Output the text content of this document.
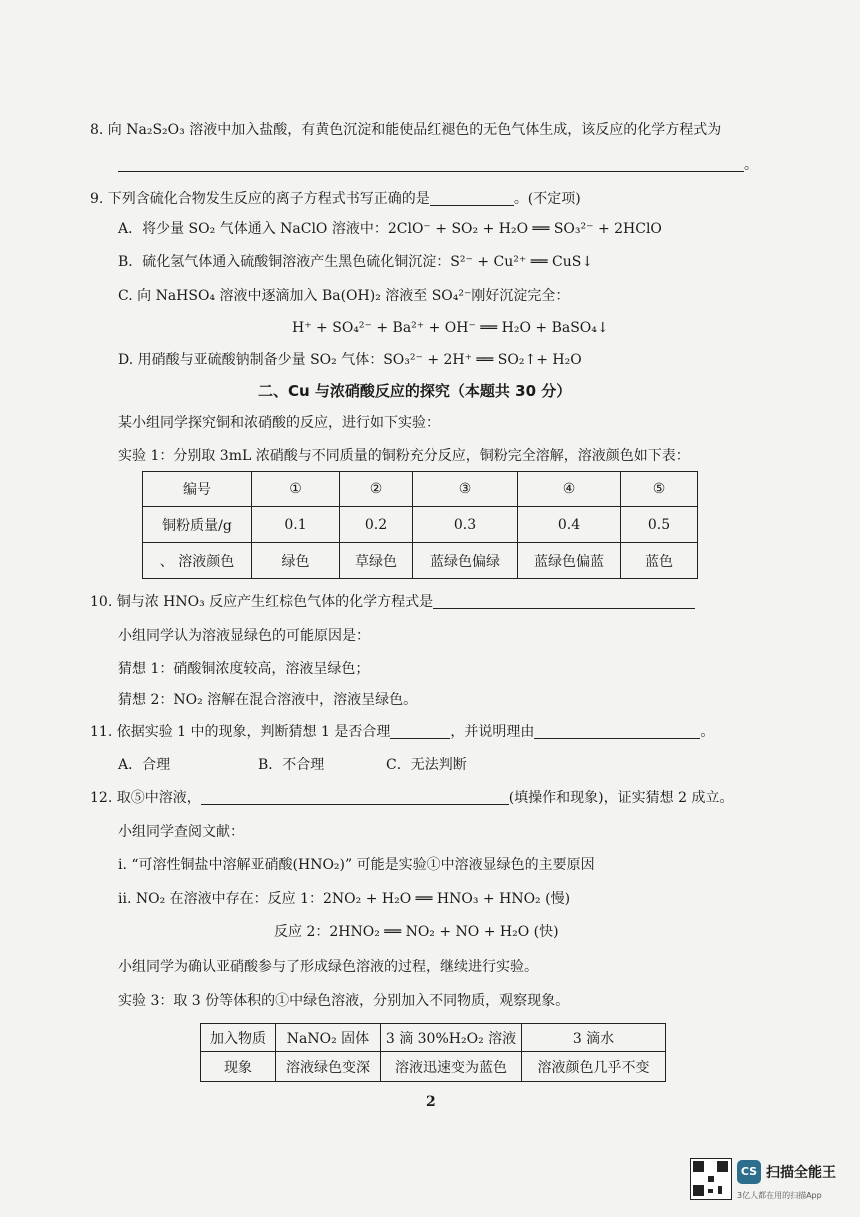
8. 向 Na₂S₂O₃ 溶液中加入盐酸，有黄色沉淀和能使品红褪色的无色气体生成，该反应的化学方程式为
。
9. 下列含硫化合物发生反应的离子方程式书写正确的是	。(不定项)
A．将少量 SO₂ 气体通入 NaClO 溶液中：2ClO⁻ + SO₂ + H₂O ══ SO₃²⁻ + 2HClO
B．硫化氢气体通入硫酸铜溶液产生黑色硫化铜沉淀：S²⁻ + Cu²⁺ ══ CuS↓
C. 向 NaHSO₄ 溶液中逐滴加入 Ba(OH)₂ 溶液至 SO₄²⁻刚好沉淀完全：
H⁺ + SO₄²⁻ + Ba²⁺ + OH⁻ ══ H₂O + BaSO₄↓
D. 用硝酸与亚硫酸钠制备少量 SO₂ 气体：SO₃²⁻ + 2H⁺ ══ SO₂↑+ H₂O
二、Cu 与浓硝酸反应的探究（本题共 30 分）
某小组同学探究铜和浓硝酸的反应，进行如下实验：
实验 1：分别取 3mL 浓硝酸与不同质量的铜粉充分反应，铜粉完全溶解，溶液颜色如下表：
编号	①	②	③	④	⑤
铜粉质量/g	0.1	0.2	0.3	0.4	0.5
、 溶液颜色	绿色	草绿色	蓝绿色偏绿	蓝绿色偏蓝	蓝色
10. 铜与浓 HNO₃ 反应产生红棕色气体的化学方程式是
小组同学认为溶液显绿色的可能原因是：
猜想 1：硝酸铜浓度较高，溶液呈绿色；
猜想 2：NO₂ 溶解在混合溶液中，溶液呈绿色。
11. 依据实验 1 中的现象，判断猜想 1 是否合理	，并说明理由	。
A．合理	B．不合理	C．无法判断
12. 取⑤中溶液，	(填操作和现象)，证实猜想 2 成立。
小组同学查阅文献：
i. “可溶性铜盐中溶解亚硝酸(HNO₂)” 可能是实验①中溶液显绿色的主要原因
ii. NO₂ 在溶液中存在：反应 1：2NO₂ + H₂O ══ HNO₃ + HNO₂ (慢)
反应 2：2HNO₂ ══ NO₂ + NO + H₂O (快)
小组同学为确认亚硝酸参与了形成绿色溶液的过程，继续进行实验。
实验 3：取 3 份等体积的①中绿色溶液，分别加入不同物质，观察现象。
加入物质	NaNO₂ 固体	3 滴 30%H₂O₂ 溶液	3 滴水
现象	溶液绿色变深	溶液迅速变为蓝色	溶液颜色几乎不变
2
CS 扫描全能王
3亿人都在用的扫描App
